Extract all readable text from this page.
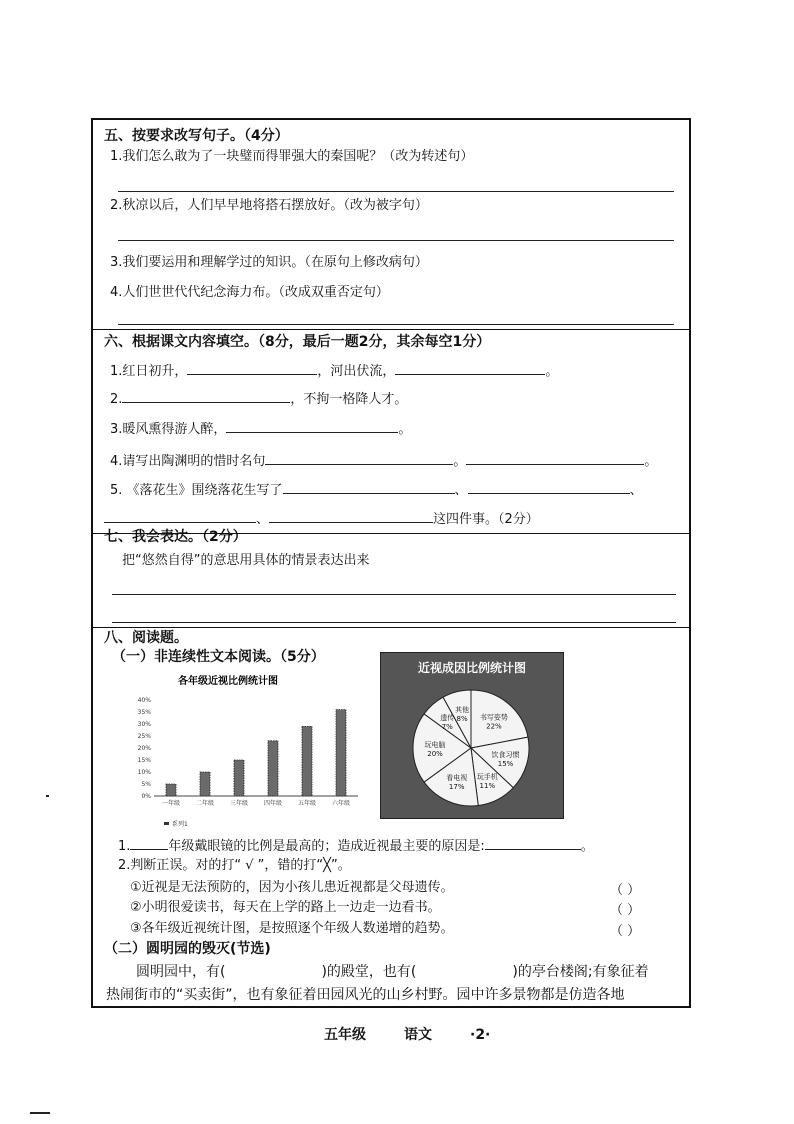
五、按要求改写句子。（4分）
1.我们怎么敢为了一块璧而得罪强大的秦国呢？（改为转述句）
2.秋凉以后，人们早早地将搭石摆放好。（改为被字句）
3.我们要运用和理解学过的知识。（在原句上修改病句）
4.人们世世代代纪念海力布。（改成双重否定句）
六、根据课文内容填空。（8分，最后一题2分，其余每空1分）
1.红日初升，	，河出伏流，	。
2.	，不拘一格降人才。
3.暖风熏得游人醉，	。
4.请写出陶渊明的惜时名句	。	。
5. 《落花生》围绕落花生写了	、	、
、	这四件事。（2分）
七、我会表达。（2分）
把“悠然自得”的意思用具体的情景表达出来
八、阅读题。
（一）非连续性文本阅读。（5分）
各年级近视比例统计图
0%
5%
10%
15%
20%
25%
30%
35%
40%
一年级	二年级	三年级	四年级	五年级	六年级
系列1
近视成因比例统计图
书写姿势
22%
饮食习惯
15%
玩手机
11%
看电视
17%
玩电脑
20%
遗传
7%
其他
8%
1.	年级戴眼镜的比例是最高的；造成近视最主要的原因是:	。
2.判断正误。对的打“ √ ”，错的打“╳”。
①近视是无法预防的，因为小孩儿患近视都是父母遗传。	（ ）
②小明很爱读书，每天在上学的路上一边走一边看书。	（ ）
③各年级近视统计图，是按照逐个年级人数递增的趋势。	（ ）
（二）圆明园的毁灭(节选)
圆明园中，有(	)的殿堂，也有(	)的亭台楼阁;有象征着
热闹街市的“买卖街”，也有象征着田园风光的山乡村野。园中许多景物都是仿造各地
五年级	语文	·2·
